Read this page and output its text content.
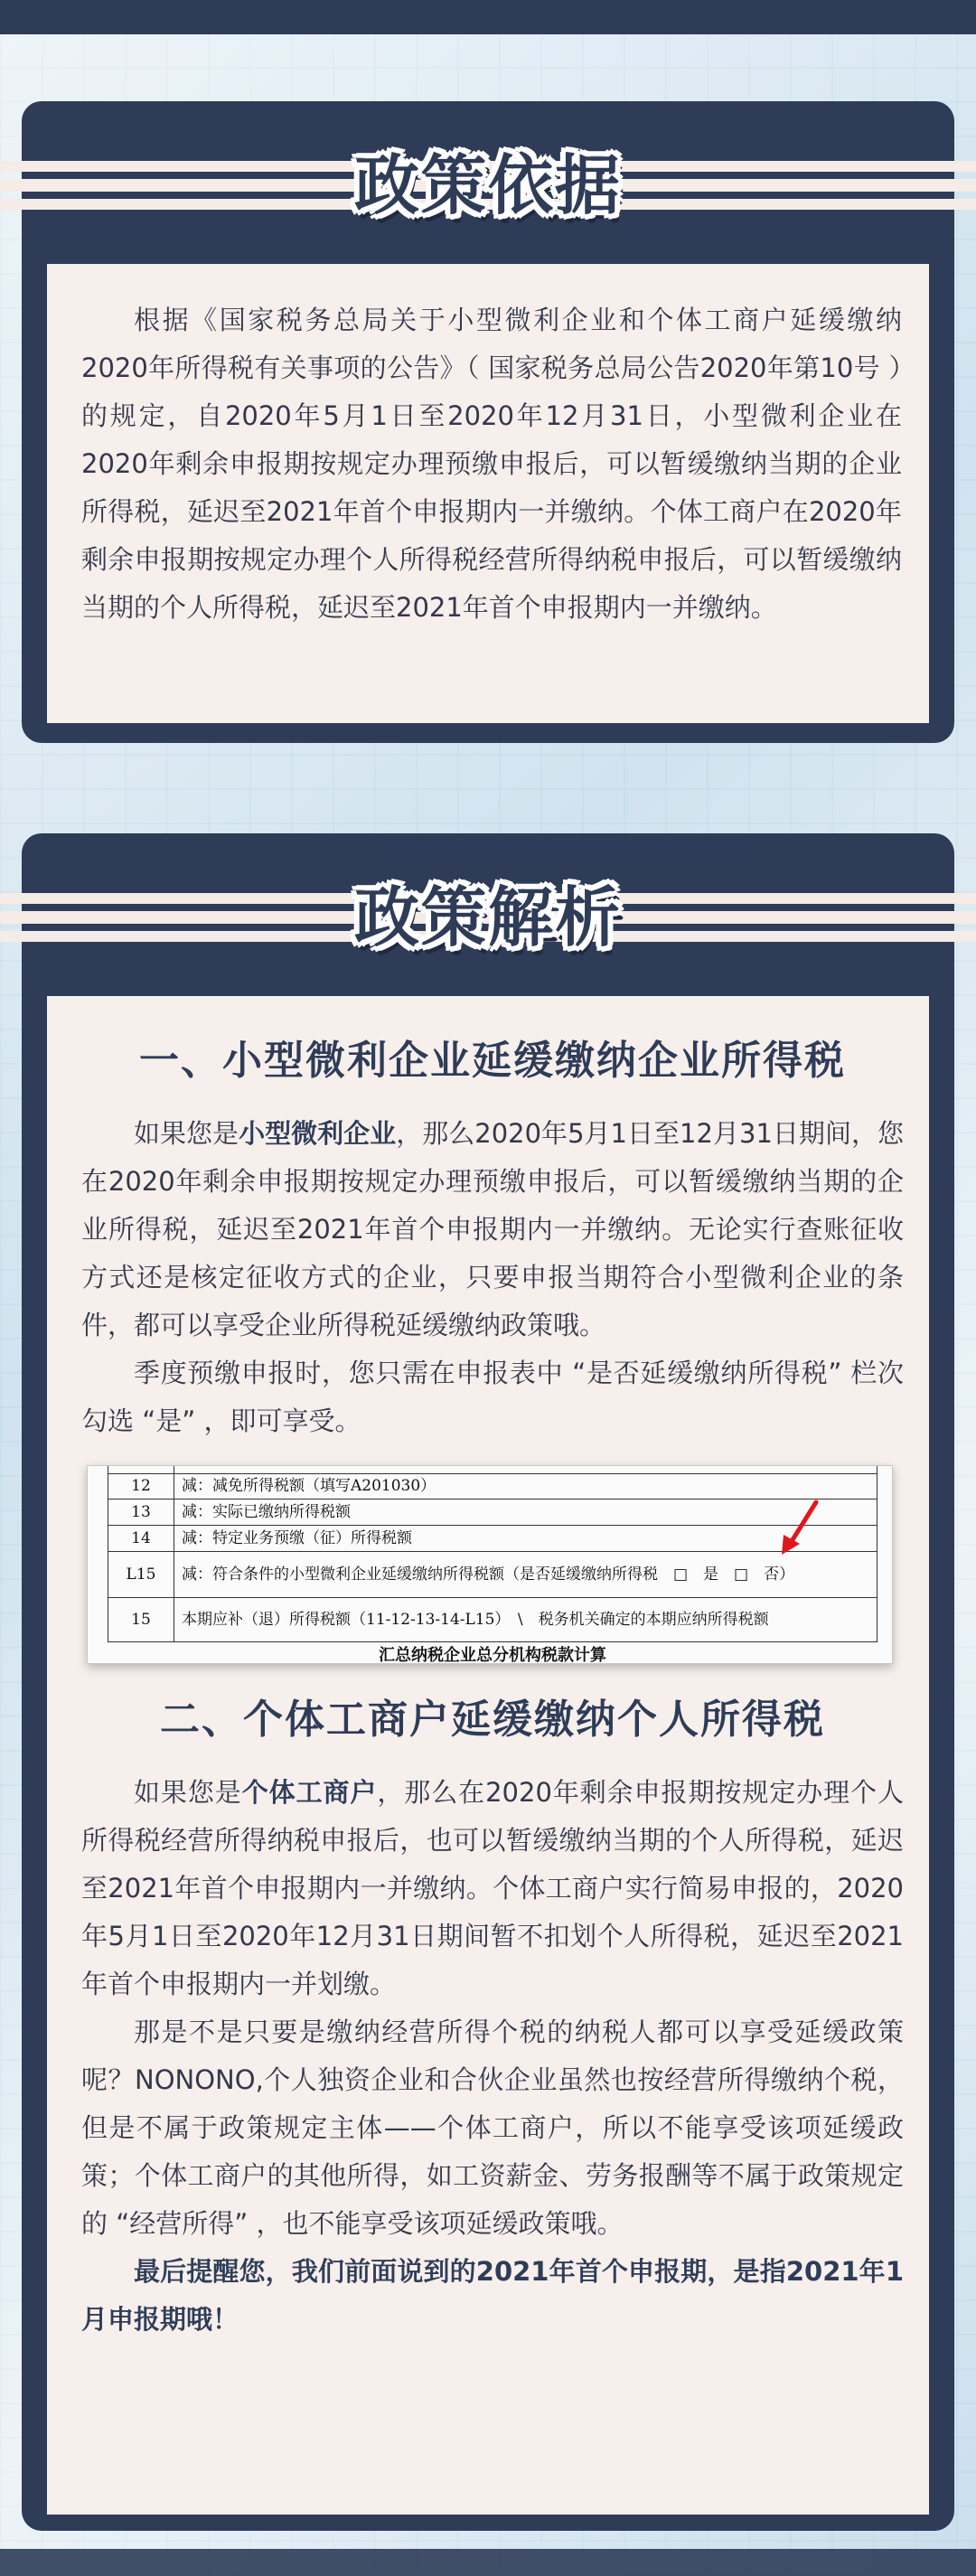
政策依据

根据《国家税务总局关于小型微利企业和个体工商户延缓缴纳2020年所得税有关事项的公告》（ 国家税务总局公告2020年第10号 ）的规定，自2020年5月1日至2020年12月31日，小型微利企业在2020年剩余申报期按规定办理预缴申报后，可以暂缓缴纳当期的企业所得税，延迟至2021年首个申报期内一并缴纳。个体工商户在2020年剩余申报期按规定办理个人所得税经营所得纳税申报后，可以暂缓缴纳当期的个人所得税，延迟至2021年首个申报期内一并缴纳。

政策解析
一、小型微利企业延缓缴纳企业所得税

如果您是小型微利企业，那么2020年5月1日至12月31日期间，您在2020年剩余申报期按规定办理预缴申报后，可以暂缓缴纳当期的企业所得税，延迟至2021年首个申报期内一并缴纳。无论实行查账征收方式还是核定征收方式的企业，只要申报当期符合小型微利企业的条件，都可以享受企业所得税延缓缴纳政策哦。

季度预缴申报时，您只需在申报表中 “是否延缓缴纳所得税” 栏次勾选 “是” ，即可享受。

12	减：减免所得税额（填写A201030）
13	减：实际已缴纳所得税额
14	减：特定业务预缴（征）所得税额
L15	减：符合条件的小型微利企业延缓缴纳所得税额（是否延缓缴纳所得税　□　是　□　否）
15	本期应补（退）所得税额（11-12-13-14-L15）　\　税务机关确定的本期应纳所得税额
汇总纳税企业总分机构税款计算
二、个体工商户延缓缴纳个人所得税

如果您是个体工商户，那么在2020年剩余申报期按规定办理个人所得税经营所得纳税申报后，也可以暂缓缴纳当期的个人所得税，延迟至2021年首个申报期内一并缴纳。个体工商户实行简易申报的，2020年5月1日至2020年12月31日期间暂不扣划个人所得税，延迟至2021年首个申报期内一并划缴。

那是不是只要是缴纳经营所得个税的纳税人都可以享受延缓政策呢？NONONO,个人独资企业和合伙企业虽然也按经营所得缴纳个税，但是不属于政策规定主体——个体工商户，所以不能享受该项延缓政策；个体工商户的其他所得，如工资薪金、劳务报酬等不属于政策规定的 “经营所得” ，也不能享受该项延缓政策哦。

最后提醒您，我们前面说到的2021年首个申报期，是指2021年1月申报期哦！
